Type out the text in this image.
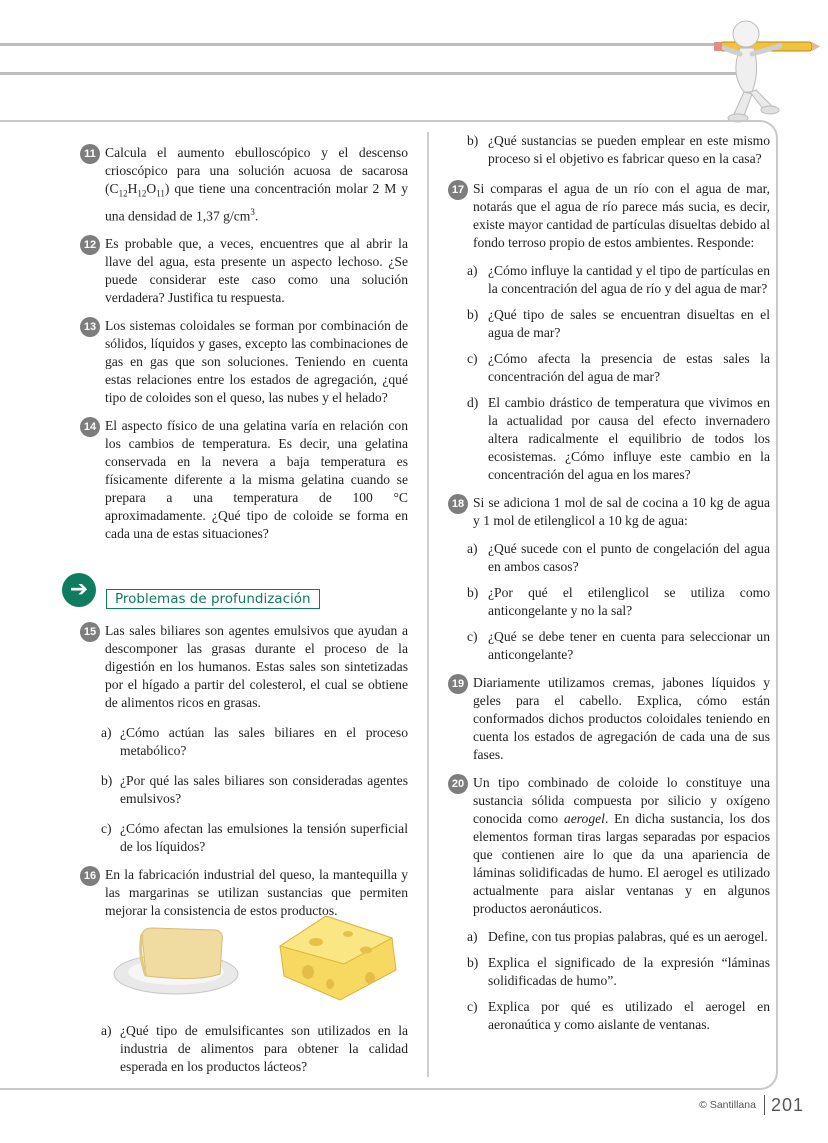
11 Calcula el aumento ebulloscópico y el descenso crioscópico para una solución acuosa de sacarosa $(C_{12}H_{12}O_{11})$ que tiene una concentración molar 2 M y una densidad de 1,37 $g/cm^3$.
12 Es probable que, a veces, encuentres que al abrir la llave del agua, esta presente un aspecto lechoso. ¿Se puede considerar este caso como una solución verdadera? Justifica tu respuesta.
13 Los sistemas coloidales se forman por combinación de sólidos, líquidos y gases, excepto las combinaciones de gas en gas que son soluciones. Teniendo en cuenta estas relaciones entre los estados de agregación, ¿qué tipo de coloides son el queso, las nubes y el helado?
14 El aspecto físico de una gelatina varía en relación con los cambios de temperatura. Es decir, una gelatina conservada en la nevera a baja temperatura es físicamente diferente a la misma gelatina cuando se prepara a una temperatura de 100 °C aproximadamente. ¿Qué tipo de coloide se forma en cada una de estas situaciones?
➔	Problemas de profundización
15 Las sales biliares son agentes emulsivos que ayudan a descomponer las grasas durante el proceso de la digestión en los humanos. Estas sales son sintetizadas por el hígado a partir del colesterol, el cual se obtiene de alimentos ricos en grasas.
a) ¿Cómo actúan las sales biliares en el proceso metabólico?
b) ¿Por qué las sales biliares son consideradas agentes emulsivos?
c) ¿Cómo afectan las emulsiones la tensión superficial de los líquidos?
16 En la fabricación industrial del queso, la mantequilla y las margarinas se utilizan sustancias que permiten mejorar la consistencia de estos productos.
a) ¿Qué tipo de emulsificantes son utilizados en la industria de alimentos para obtener la calidad esperada en los productos lácteos?
b) ¿Qué sustancias se pueden emplear en este mismo proceso si el objetivo es fabricar queso en la casa?
17 Si comparas el agua de un río con el agua de mar, notarás que el agua de río parece más sucia, es decir, existe mayor cantidad de partículas disueltas debido al fondo terroso propio de estos ambientes. Responde:
a) ¿Cómo influye la cantidad y el tipo de partículas en la concentración del agua de río y del agua de mar?
b) ¿Qué tipo de sales se encuentran disueltas en el agua de mar?
c) ¿Cómo afecta la presencia de estas sales la concentración del agua de mar?
d) El cambio drástico de temperatura que vivimos en la actualidad por causa del efecto invernadero altera radicalmente el equilibrio de todos los ecosistemas. ¿Cómo influye este cambio en la concentración del agua en los mares?
18 Si se adiciona 1 mol de sal de cocina a 10 kg de agua y 1 mol de etilenglicol a 10 kg de agua:
a) ¿Qué sucede con el punto de congelación del agua en ambos casos?
b) ¿Por qué el etilenglicol se utiliza como anticongelante y no la sal?
c) ¿Qué se debe tener en cuenta para seleccionar un anticongelante?
19 Diariamente utilizamos cremas, jabones líquidos y geles para el cabello. Explica, cómo están conformados dichos productos coloidales teniendo en cuenta los estados de agregación de cada una de sus fases.
20 Un tipo combinado de coloide lo constituye una sustancia sólida compuesta por silicio y oxígeno conocida como aerogel. En dicha sustancia, los dos elementos forman tiras largas separadas por espacios que contienen aire lo que da una apariencia de láminas solidificadas de humo. El aerogel es utilizado actualmente para aislar ventanas y en algunos productos aeronáuticos.
a) Define, con tus propias palabras, qué es un aerogel.
b) Explica el significado de la expresión “láminas solidificadas de humo”.
c) Explica por qué es utilizado el aerogel en aeronaútica y como aislante de ventanas.
© Santillana 201
